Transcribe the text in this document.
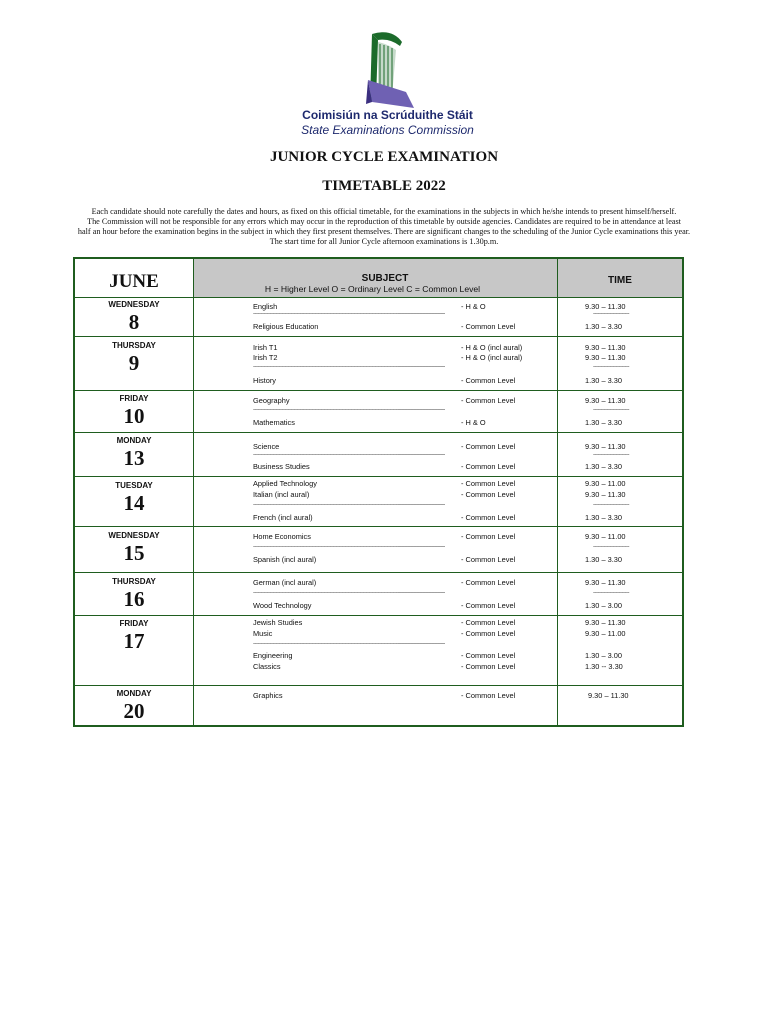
Coimisiún na Scrúduithe Stáit
State Examinations Commission
JUNIOR CYCLE EXAMINATION
TIMETABLE 2022
Each candidate should note carefully the dates and hours, as fixed on this official timetable, for the examinations in the subjects in which he/she intends to present himself/herself.
The Commission will not be responsible for any errors which may occur in the reproduction of this timetable by outside agencies. Candidates are required to be in attendance at least
half an hour before the examination begins in the subject in which they first present themselves. There are significant changes to the scheduling of the Junior Cycle examinations this year.
The start time for all Junior Cycle afternoon examinations is 1.30p.m.
JUNE	SUBJECT
H = Higher Level O = Ordinary Level C = Common Level
TIME
WEDNESDAY
8
English	- H & O	9.30 – 11.30
--------------------------------------------------------------------------------------------------------------------------------	------------------------
Religious Education	- Common Level	1.30 – 3.30
THURSDAY
9
Irish T1	- H & O (incl aural)	9.30 – 11.30
Irish T2	- H & O (incl aural)	9.30 – 11.30
--------------------------------------------------------------------------------------------------------------------------------	------------------------
History	- Common Level	1.30 – 3.30
FRIDAY
10
Geography	- Common Level	9.30 – 11.30
--------------------------------------------------------------------------------------------------------------------------------	------------------------
Mathematics	- H & O	1.30 – 3.30
MONDAY
13	Science	- Common Level	9.30 – 11.30
--------------------------------------------------------------------------------------------------------------------------------	------------------------
Business Studies	- Common Level	1.30 – 3.30
TUESDAY
14
Applied Technology	- Common Level	9.30 – 11.00
Italian (incl aural)	- Common Level	9.30 – 11.30
--------------------------------------------------------------------------------------------------------------------------------	------------------------
French (incl aural)	- Common Level	1.30 – 3.30
WEDNESDAY
15
Home Economics	- Common Level	9.30 – 11.00
--------------------------------------------------------------------------------------------------------------------------------	------------------------
Spanish (incl aural)	- Common Level	1.30 – 3.30
THURSDAY
16
German (incl aural)	- Common Level	9.30 – 11.30
--------------------------------------------------------------------------------------------------------------------------------	------------------------
Wood Technology	- Common Level	1.30 – 3.00
FRIDAY
17
Jewish Studies	- Common Level	9.30 – 11.30
Music	- Common Level	9.30 – 11.00
--------------------------------------------------------------------------------------------------------------------------------
Engineering	- Common Level	1.30 – 3.00
Classics	- Common Level	1.30 -- 3.30
MONDAY
20
Graphics	- Common Level	9.30 – 11.30
